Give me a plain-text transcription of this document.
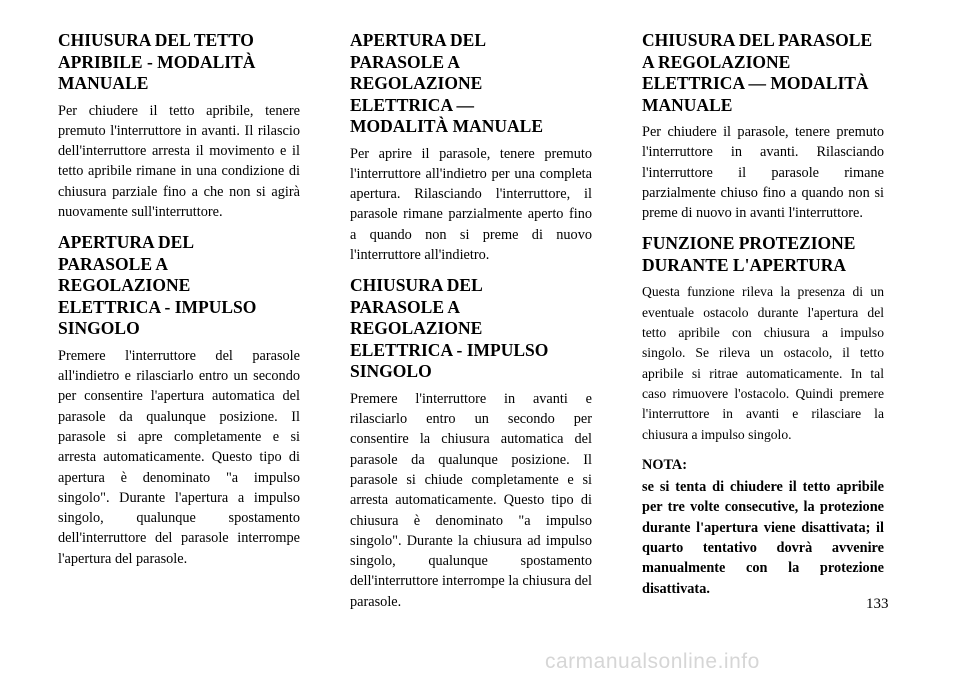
CHIUSURA DEL TETTO APRIBILE - MODALITÀ MANUALE

Per chiudere il tetto apribile, tenere premuto l'interruttore in avanti. Il rilascio dell'interruttore arresta il movimento e il tetto apribile rimane in una condizione di chiusura parziale fino a che non si agirà nuovamente sull'interruttore.

APERTURA DEL PARASOLE A REGOLAZIONE ELETTRICA - IMPULSO SINGOLO

Premere l'interruttore del parasole all'indietro e rilasciarlo entro un secondo per consentire l'apertura automatica del parasole da qualunque posizione. Il parasole si apre completamente e si arresta automaticamente. Questo tipo di apertura è denominato "a impulso singolo". Durante l'apertura a impulso singolo, qualunque spostamento dell'interruttore del parasole interrompe l'apertura del parasole.

APERTURA DEL PARASOLE A REGOLAZIONE ELETTRICA — MODALITÀ MANUALE

Per aprire il parasole, tenere premuto l'interruttore all'indietro per una completa apertura. Rilasciando l'interruttore, il parasole rimane parzialmente aperto fino a quando non si preme di nuovo l'interruttore all'indietro.

CHIUSURA DEL PARASOLE A REGOLAZIONE ELETTRICA - IMPULSO SINGOLO

Premere l'interruttore in avanti e rilasciarlo entro un secondo per consentire la chiusura automatica del parasole da qualunque posizione. Il parasole si chiude completamente e si arresta automaticamente. Questo tipo di chiusura è denominato "a impulso singolo". Durante la chiusura ad impulso singolo, qualunque spostamento dell'interruttore interrompe la chiusura del parasole.

CHIUSURA DEL PARASOLE A REGOLAZIONE ELETTRICA — MODALITÀ MANUALE

Per chiudere il parasole, tenere premuto l'interruttore in avanti. Rilasciando l'interruttore il parasole rimane parzialmente chiuso fino a quando non si preme di nuovo in avanti l'interruttore.

FUNZIONE PROTEZIONE DURANTE L'APERTURA

Questa funzione rileva la presenza di un eventuale ostacolo durante l'apertura del tetto apribile con chiusura a impulso singolo. Se rileva un ostacolo, il tetto apribile si ritrae automaticamente. In tal caso rimuovere l'ostacolo. Quindi premere l'interruttore in avanti e rilasciare la chiusura a impulso singolo.

NOTA:

se si tenta di chiudere il tetto apribile per tre volte consecutive, la protezione durante l'apertura viene disattivata; il quarto tentativo dovrà avvenire manualmente con la protezione disattivata.

133
carmanualsonline.info
